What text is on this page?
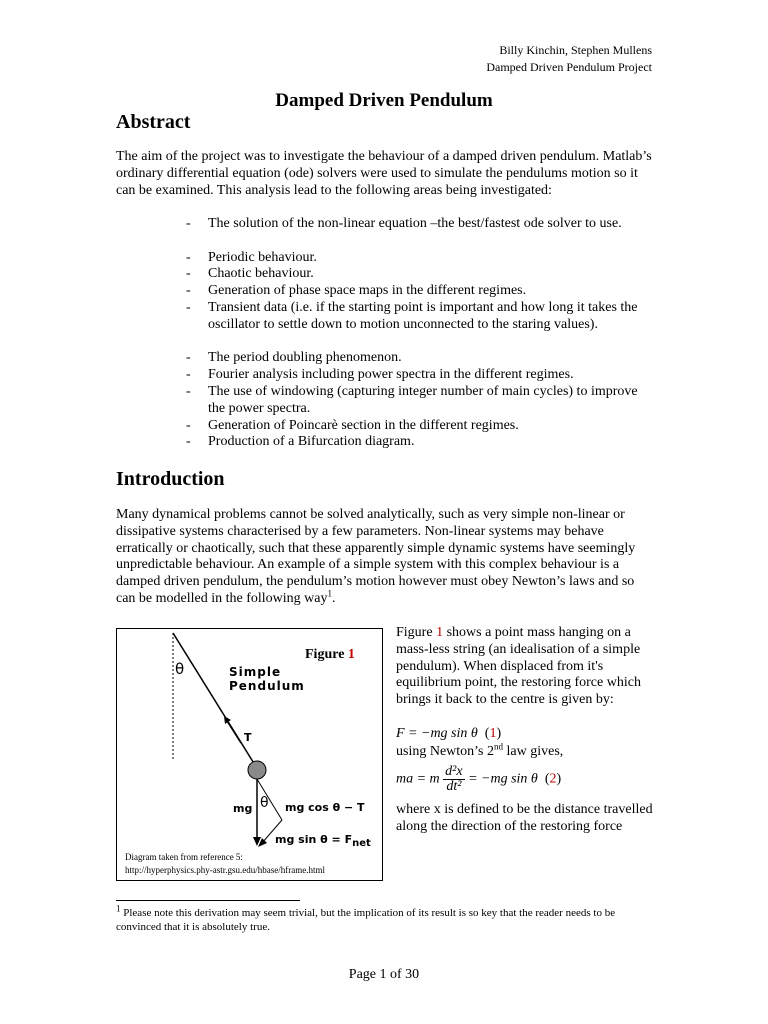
Billy Kinchin, Stephen Mullens
Damped Driven Pendulum Project
Damped Driven Pendulum
Abstract
The aim of the project was to investigate the behaviour of a damped driven pendulum. Matlab’s ordinary differential equation (ode) solvers were used to simulate the pendulums motion so it can be examined. This analysis lead to the following areas being investigated:
- The solution of the non-linear equation –the best/fastest ode solver to use.
- Periodic behaviour.
- Chaotic behaviour.
- Generation of phase space maps in the different regimes.
- Transient data (i.e. if the starting point is important and how long it takes the oscillator to settle down to motion unconnected to the staring values).
- The period doubling phenomenon.
- Fourier analysis including power spectra in the different regimes.
- The use of windowing (capturing integer number of main cycles) to improve the power spectra.
- Generation of Poincarè section in the different regimes.
- Production of a Bifurcation diagram.
Introduction
Many dynamical problems cannot be solved analytically, such as very simple non-linear or dissipative systems characterised by a few parameters. Non-linear systems may behave erratically or chaotically, such that these apparently simple dynamic systems have seemingly unpredictable behaviour. An example of a simple system with this complex behaviour is a damped driven pendulum, the pendulum’s motion however must obey Newton’s laws and so can be modelled in the following way$^1$.
Figure 1
θ	Simple
Pendulum
T
mg θ mg cos θ − T
mg $\sin \theta = F_{net}$
Diagram taken from reference 5:
http://hyperphysics.phy-astr.gsu.edu/hbase/hframe.html
Figure 1 shows a point mass hanging on a mass-less string (an idealisation of a simple pendulum). When displaced from it's equilibrium point, the restoring force which brings it back to the centre is given by:
F = −mg sin θ  (1)
using Newton’s 2nd law gives,
ma = m $\frac{\text{d²x}}{\text{dt²}} = -mg$ sin θ  (2)
where x is defined to be the distance travelled along the direction of the restoring force
$^1$ Please note this derivation may seem trivial, but the implication of its result is so key that the reader needs to be convinced that it is absolutely true.
Page 1 of 30
